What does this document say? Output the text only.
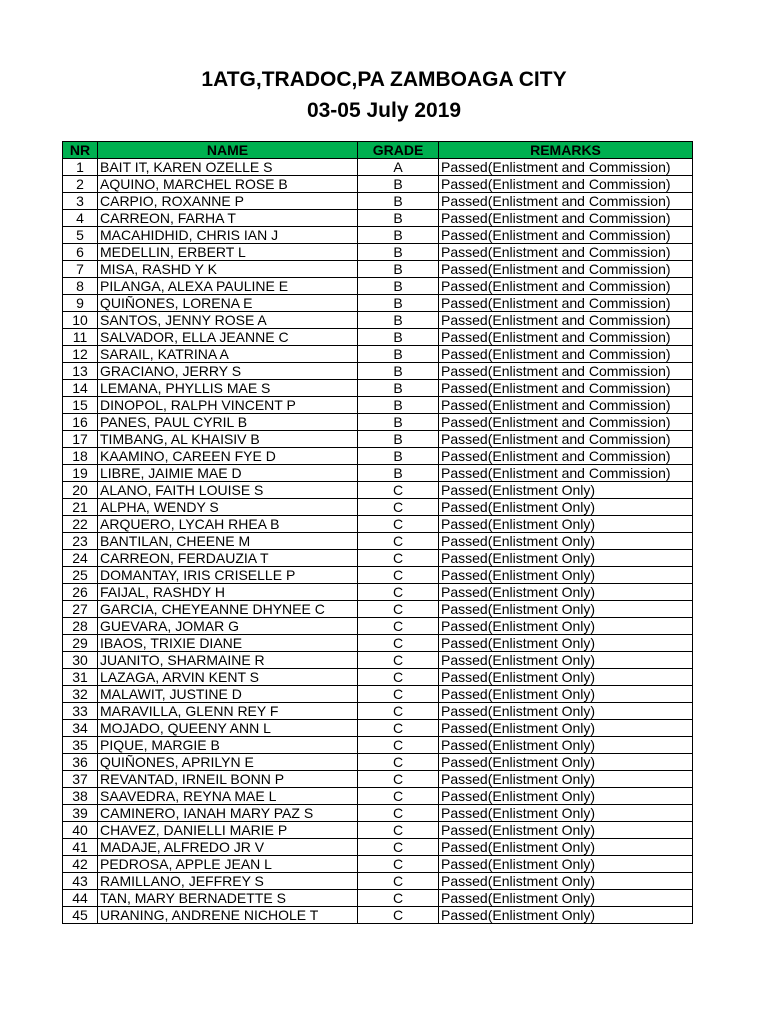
1ATG,TRADOC,PA ZAMBOAGA CITY

03-05 July 2019

NR	NAME	GRADE	REMARKS
1	BAIT IT, KAREN OZELLE S	A	Passed(Enlistment and Commission)
2	AQUINO, MARCHEL ROSE B	B	Passed(Enlistment and Commission)
3	CARPIO, ROXANNE P	B	Passed(Enlistment and Commission)
4	CARREON, FARHA T	B	Passed(Enlistment and Commission)
5	MACAHIDHID, CHRIS IAN J	B	Passed(Enlistment and Commission)
6	MEDELLIN, ERBERT L	B	Passed(Enlistment and Commission)
7	MISA, RASHD Y K	B	Passed(Enlistment and Commission)
8	PILANGA, ALEXA PAULINE E	B	Passed(Enlistment and Commission)
9	QUIÑONES, LORENA E	B	Passed(Enlistment and Commission)
10	SANTOS, JENNY ROSE A	B	Passed(Enlistment and Commission)
11	SALVADOR, ELLA JEANNE C	B	Passed(Enlistment and Commission)
12	SARAIL, KATRINA A	B	Passed(Enlistment and Commission)
13	GRACIANO, JERRY S	B	Passed(Enlistment and Commission)
14	LEMANA, PHYLLIS MAE S	B	Passed(Enlistment and Commission)
15	DINOPOL, RALPH VINCENT P	B	Passed(Enlistment and Commission)
16	PANES, PAUL CYRIL B	B	Passed(Enlistment and Commission)
17	TIMBANG, AL KHAISIV B	B	Passed(Enlistment and Commission)
18	KAAMINO, CAREEN FYE D	B	Passed(Enlistment and Commission)
19	LIBRE, JAIMIE MAE D	B	Passed(Enlistment and Commission)
20	ALANO, FAITH LOUISE S	C	Passed(Enlistment Only)
21	ALPHA, WENDY S	C	Passed(Enlistment Only)
22	ARQUERO, LYCAH RHEA B	C	Passed(Enlistment Only)
23	BANTILAN, CHEENE M	C	Passed(Enlistment Only)
24	CARREON, FERDAUZIA T	C	Passed(Enlistment Only)
25	DOMANTAY, IRIS CRISELLE P	C	Passed(Enlistment Only)
26	FAIJAL, RASHDY H	C	Passed(Enlistment Only)
27	GARCIA, CHEYEANNE DHYNEE C	C	Passed(Enlistment Only)
28	GUEVARA, JOMAR G	C	Passed(Enlistment Only)
29	IBAOS, TRIXIE DIANE	C	Passed(Enlistment Only)
30	JUANITO, SHARMAINE R	C	Passed(Enlistment Only)
31	LAZAGA, ARVIN KENT S	C	Passed(Enlistment Only)
32	MALAWIT, JUSTINE D	C	Passed(Enlistment Only)
33	MARAVILLA, GLENN REY F	C	Passed(Enlistment Only)
34	MOJADO, QUEENY ANN L	C	Passed(Enlistment Only)
35	PIQUE, MARGIE B	C	Passed(Enlistment Only)
36	QUIÑONES, APRILYN E	C	Passed(Enlistment Only)
37	REVANTAD, IRNEIL BONN P	C	Passed(Enlistment Only)
38	SAAVEDRA, REYNA MAE L	C	Passed(Enlistment Only)
39	CAMINERO, IANAH MARY PAZ S	C	Passed(Enlistment Only)
40	CHAVEZ, DANIELLI MARIE P	C	Passed(Enlistment Only)
41	MADAJE, ALFREDO JR V	C	Passed(Enlistment Only)
42	PEDROSA, APPLE JEAN L	C	Passed(Enlistment Only)
43	RAMILLANO, JEFFREY S	C	Passed(Enlistment Only)
44	TAN, MARY BERNADETTE S	C	Passed(Enlistment Only)
45	URANING, ANDRENE NICHOLE T	C	Passed(Enlistment Only)
